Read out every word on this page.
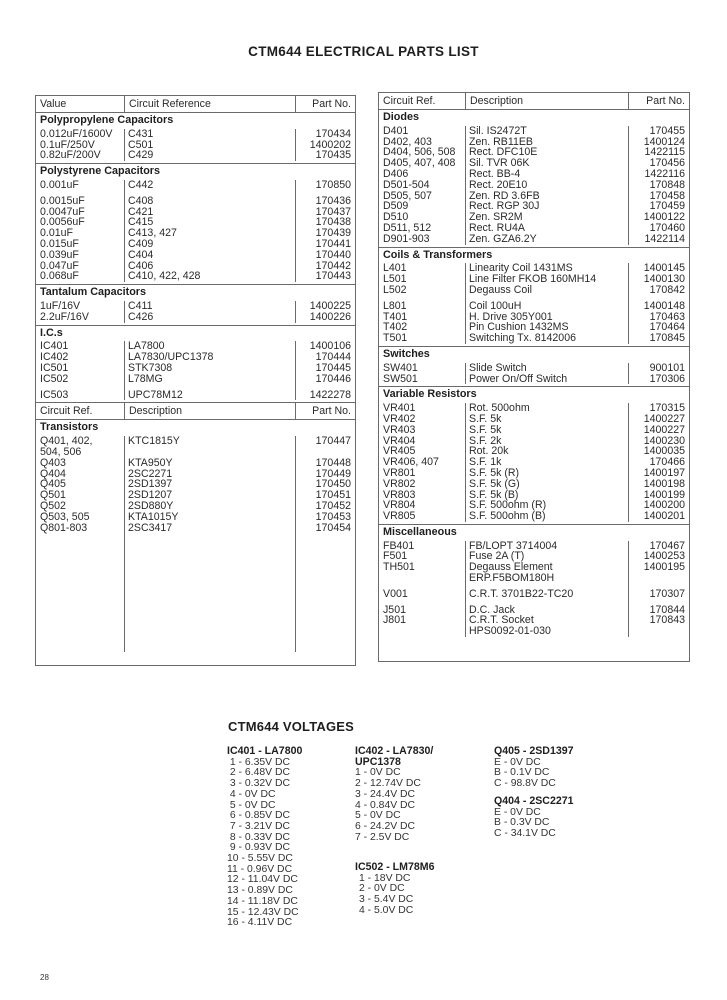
CTM644 ELECTRICAL PARTS LIST
Value	Circuit Reference	Part No.
Polypropylene Capacitors
0.012uF/1600V	C431	170434
0.1uF/250V	C501	1400202
0.82uF/200V	C429	170435
Polystyrene Capacitors
0.001uF	C442	170850
0.0015uF	C408	170436
0.0047uF	C421	170437
0.0056uF	C415	170438
0.01uF	C413, 427	170439
0.015uF	C409	170441
0.039uF	C404	170440
0.047uF	C406	170442
0.068uF	C410, 422, 428	170443
Tantalum Capacitors
1uF/16V	C411	1400225
2.2uF/16V	C426	1400226
I.C.s
IC401	LA7800	1400106
IC402	LA7830/UPC1378	170444
IC501	STK7308	170445
IC502	L78MG	170446
IC503	UPC78M12	1422278
Circuit Ref.	Description	Part No.
Transistors
Q401, 402,	KTC1815Y	170447
504, 506
Q403	KTA950Y	170448
Q404	2SC2271	170449
Q405	2SD1397	170450
Q501	2SD1207	170451
Q502	2SD880Y	170452
Q503, 505	KTA1015Y	170453
Q801-803	2SC3417	170454
Circuit Ref.	Description	Part No.
Diodes
D401	Sil. IS2472T	170455
D402, 403	Zen. RB11EB	1400124
D404, 506, 508	Rect. DFC10E	1422115
D405, 407, 408	Sil. TVR 06K	170456
D406	Rect. BB-4	1422116
D501-504	Rect. 20E10	170848
D505, 507	Zen. RD 3.6FB	170458
D509	Rect. RGP 30J	170459
D510	Zen. SR2M	1400122
D511, 512	Rect. RU4A	170460
D901-903	Zen. GZA6.2Y	1422114
Coils & Transformers
L401	Linearity Coil 1431MS	1400145
L501	Line Filter FKOB 160MH14	1400130
L502	Degauss Coil	170842
L801	Coil 100uH	1400148
T401	H. Drive 305Y001	170463
T402	Pin Cushion 1432MS	170464
T501	Switching Tx. 8142006	170845
Switches
SW401	Slide Switch	900101
SW501	Power On/Off Switch	170306
Variable Resistors
VR401	Rot. 500ohm	170315
VR402	S.F. 5k	1400227
VR403	S.F. 5k	1400227
VR404	S.F. 2k	1400230
VR405	Rot. 20k	1400035
VR406, 407	S.F. 1k	170466
VR801	S.F. 5k (R)	1400197
VR802	S.F. 5k (G)	1400198
VR803	S.F. 5k (B)	1400199
VR804	S.F. 500ohm (R)	1400200
VR805	S.F. 500ohm (B)	1400201
Miscellaneous
FB401	FB/LOPT 3714004	170467
F501	Fuse 2A (T)	1400253
TH501	Degauss Element	1400195
ERP.F5BOM180H
V001	C.R.T. 3701B22-TC20	170307
J501	D.C. Jack	170844
J801	C.R.T. Socket	170843
HPS0092-01-030
CTM644 VOLTAGES
IC401 - LA7800
1 - 6.35V DC
2 - 6.48V DC
3 - 0.32V DC
4 - 0V DC
5 - 0V DC
6 - 0.85V DC
7 - 3.21V DC
8 - 0.33V DC
9 - 0.93V DC
10 - 5.55V DC
11 - 0.96V DC
12 - 11.04V DC
13 - 0.89V DC
14 - 11.18V DC
15 - 12.43V DC
16 - 4.11V DC
IC402 - LA7830/ UPC1378
1 - 0V DC
2 - 12.74V DC
3 - 24.4V DC
4 - 0.84V DC
5 - 0V DC
6 - 24.2V DC
7 - 2.5V DC
IC502 - LM78M6
1 - 18V DC
2 - 0V DC
3 - 5.4V DC
4 - 5.0V DC
Q405 - 2SD1397
E - 0V DC
B - 0.1V DC
C - 98.8V DC
Q404 - 2SC2271
E - 0V DC
B - 0.3V DC
C - 34.1V DC
28
